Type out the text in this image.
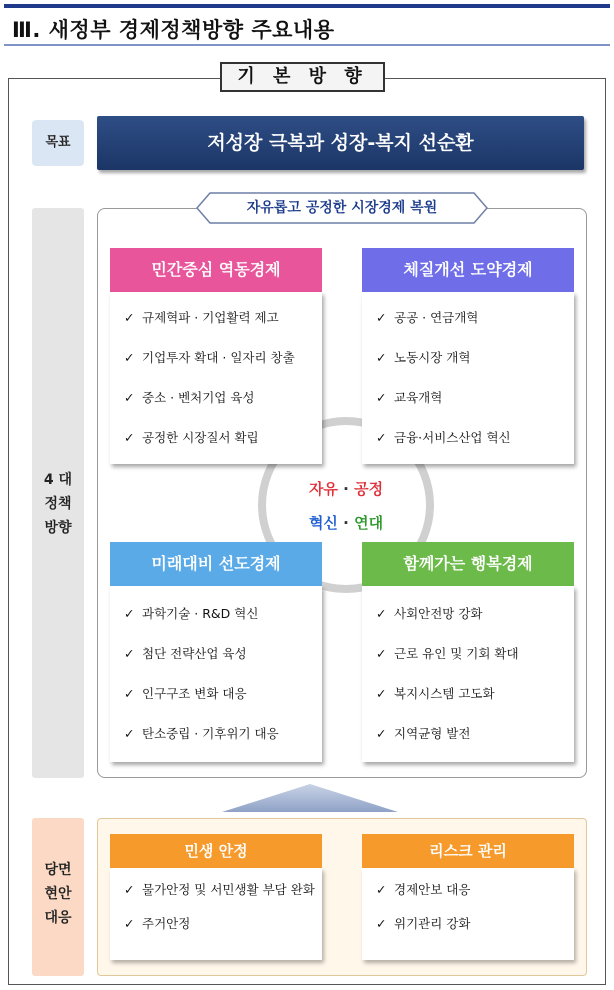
Ⅲ. 새정부 경제정책방향 주요내용
기 본 방 향
목표	저성장 극복과 성장-복지 선순환
4 대
정책
방향
자유롭고 공정한 시장경제 복원
자유 · 공정
혁신 · 연대
민간중심 역동경제
✓ 규제혁파 · 기업활력 제고
✓ 기업투자 확대 · 일자리 창출
✓ 중소 · 벤처기업 육성
✓ 공정한 시장질서 확립
체질개선 도약경제
✓ 공공 · 연금개혁
✓ 노동시장 개혁
✓ 교육개혁
✓ 금융·서비스산업 혁신
미래대비 선도경제
✓ 과학기술 · R&D 혁신
✓ 첨단 전략산업 육성
✓ 인구구조 변화 대응
✓ 탄소중립 · 기후위기 대응
함께가는 행복경제
✓ 사회안전망 강화
✓ 근로 유인 및 기회 확대
✓ 복지시스템 고도화
✓ 지역균형 발전
당면
현안
대응
민생 안정
✓ 물가안정 및 서민생활 부담 완화
✓ 주거안정
리스크 관리
✓ 경제안보 대응
✓ 위기관리 강화
